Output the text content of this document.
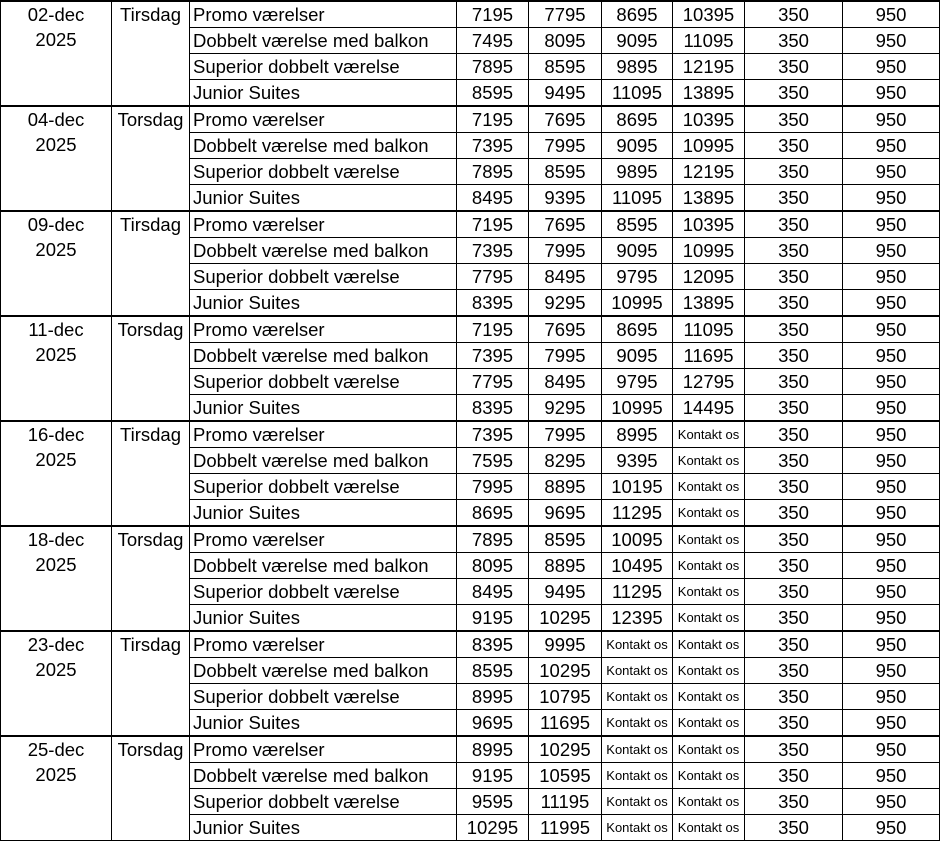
02-dec
2025	Tirsdag	Promo værelser	7195	7795	8695	10395	350	950
		Dobbelt værelse med balkon	7495	8095	9095	11095	350	950
		Superior dobbelt værelse	7895	8595	9895	12195	350	950
		Junior Suites	8595	9495	11095	13895	350	950

04-dec
2025	Torsdag	Promo værelser	7195	7695	8695	10395	350	950
		Dobbelt værelse med balkon	7395	7995	9095	10995	350	950
		Superior dobbelt værelse	7895	8595	9895	12195	350	950
		Junior Suites	8495	9395	11095	13895	350	950

09-dec
2025	Tirsdag	Promo værelser	7195	7695	8595	10395	350	950
		Dobbelt værelse med balkon	7395	7995	9095	10995	350	950
		Superior dobbelt værelse	7795	8495	9795	12095	350	950
		Junior Suites	8395	9295	10995	13895	350	950

11-dec
2025	Torsdag	Promo værelser	7195	7695	8695	11095	350	950
		Dobbelt værelse med balkon	7395	7995	9095	11695	350	950
		Superior dobbelt værelse	7795	8495	9795	12795	350	950
		Junior Suites	8395	9295	10995	14495	350	950

16-dec
2025	Tirsdag	Promo værelser	7395	7995	8995	Kontakt os	350	950
		Dobbelt værelse med balkon	7595	8295	9395	Kontakt os	350	950
		Superior dobbelt værelse	7995	8895	10195	Kontakt os	350	950
		Junior Suites	8695	9695	11295	Kontakt os	350	950

18-dec
2025	Torsdag	Promo værelser	7895	8595	10095	Kontakt os	350	950
		Dobbelt værelse med balkon	8095	8895	10495	Kontakt os	350	950
		Superior dobbelt værelse	8495	9495	11295	Kontakt os	350	950
		Junior Suites	9195	10295	12395	Kontakt os	350	950

23-dec
2025	Tirsdag	Promo værelser	8395	9995	Kontakt os	Kontakt os	350	950
		Dobbelt værelse med balkon	8595	10295	Kontakt os	Kontakt os	350	950
		Superior dobbelt værelse	8995	10795	Kontakt os	Kontakt os	350	950
		Junior Suites	9695	11695	Kontakt os	Kontakt os	350	950

25-dec
2025	Torsdag	Promo værelser	8995	10295	Kontakt os	Kontakt os	350	950
		Dobbelt værelse med balkon	9195	10595	Kontakt os	Kontakt os	350	950
		Superior dobbelt værelse	9595	11195	Kontakt os	Kontakt os	350	950
		Junior Suites	10295	11995	Kontakt os	Kontakt os	350	950
